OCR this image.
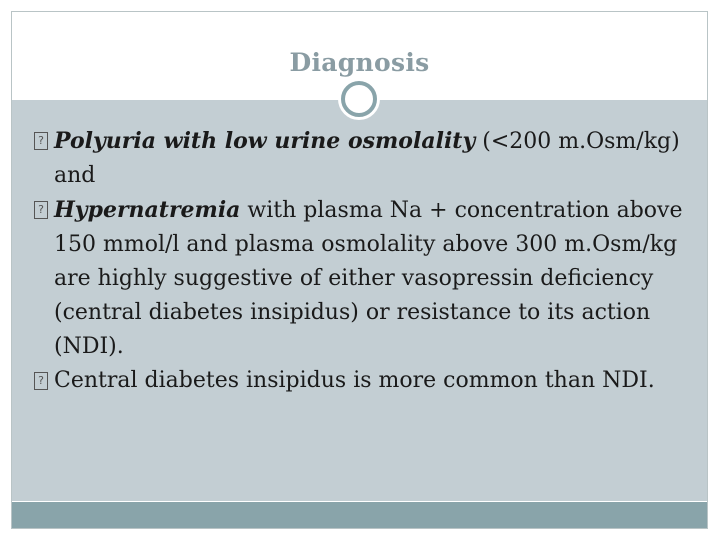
Diagnosis
? Polyuria with low urine osmolality (<200 m.Osm/kg) and
? Hypernatremia with plasma Na + concentration above 150 mmol/l and plasma osmolality above 300 m.Osm/kg are highly suggestive of either vasopressin deficiency (central diabetes insipidus) or resistance to its action (NDI).
? Central diabetes insipidus is more common than NDI.
